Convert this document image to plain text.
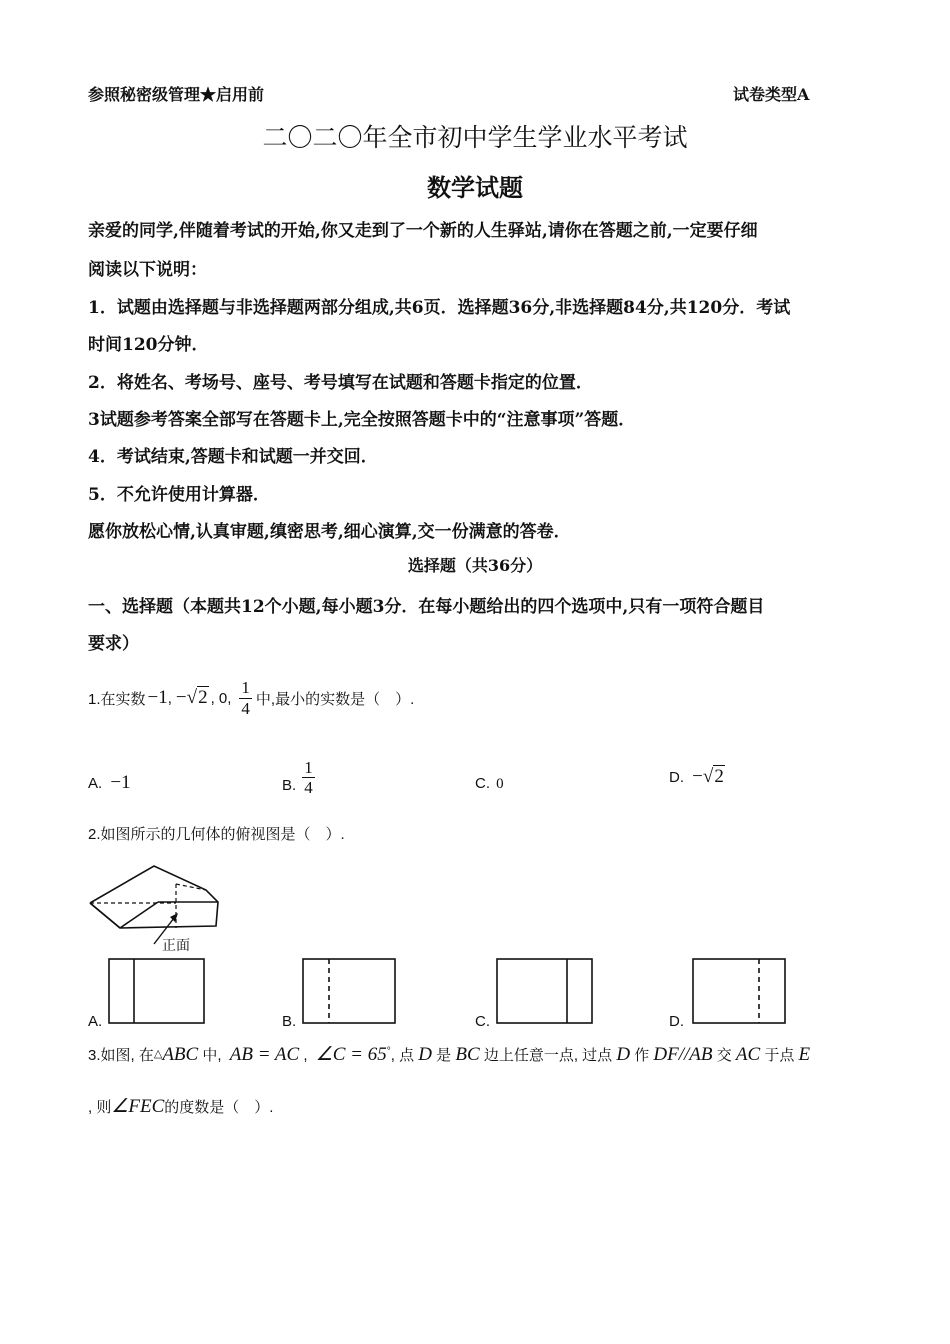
参照秘密级管理★启用前	试卷类型A
二〇二〇年全市初中学生学业水平考试
数学试题
亲爱的同学,伴随着考试的开始,你又走到了一个新的人生驿站,请你在答题之前,一定要仔细
阅读以下说明：
1．试题由选择题与非选择题两部分组成,共6页．选择题36分,非选择题84分,共120分．考试
时间120分钟．
2．将姓名、考场号、座号、考号填写在试题和答题卡指定的位置．
3试题参考答案全部写在答题卡上,完全按照答题卡中的“注意事项”答题．
4．考试结束,答题卡和试题一并交回．
5．不允许使用计算器．
愿你放松心情,认真审题,缜密思考,细心演算,交一份满意的答卷．
选择题（共36分）
一、选择题（本题共12个小题,每小题3分．在每小题给出的四个选项中,只有一项符合题目
要求）
1.在实数 −1 , −√2 , 0, $\frac{1}{4}$ 中,最小的实数是（　）.
A. −1	B. $\frac{1}{4}$	C. 0	D. −√2
2.如图所示的几何体的俯视图是（　）.
正面
A.	B.	C.	D.
3.如图, 在△ABC 中, AB = AC , ∠C = 65°, 点 D 是 BC 边上任意一点, 过点 D 作 DF//AB 交 AC 于点 E
, 则∠FEC的度数是（　）.
